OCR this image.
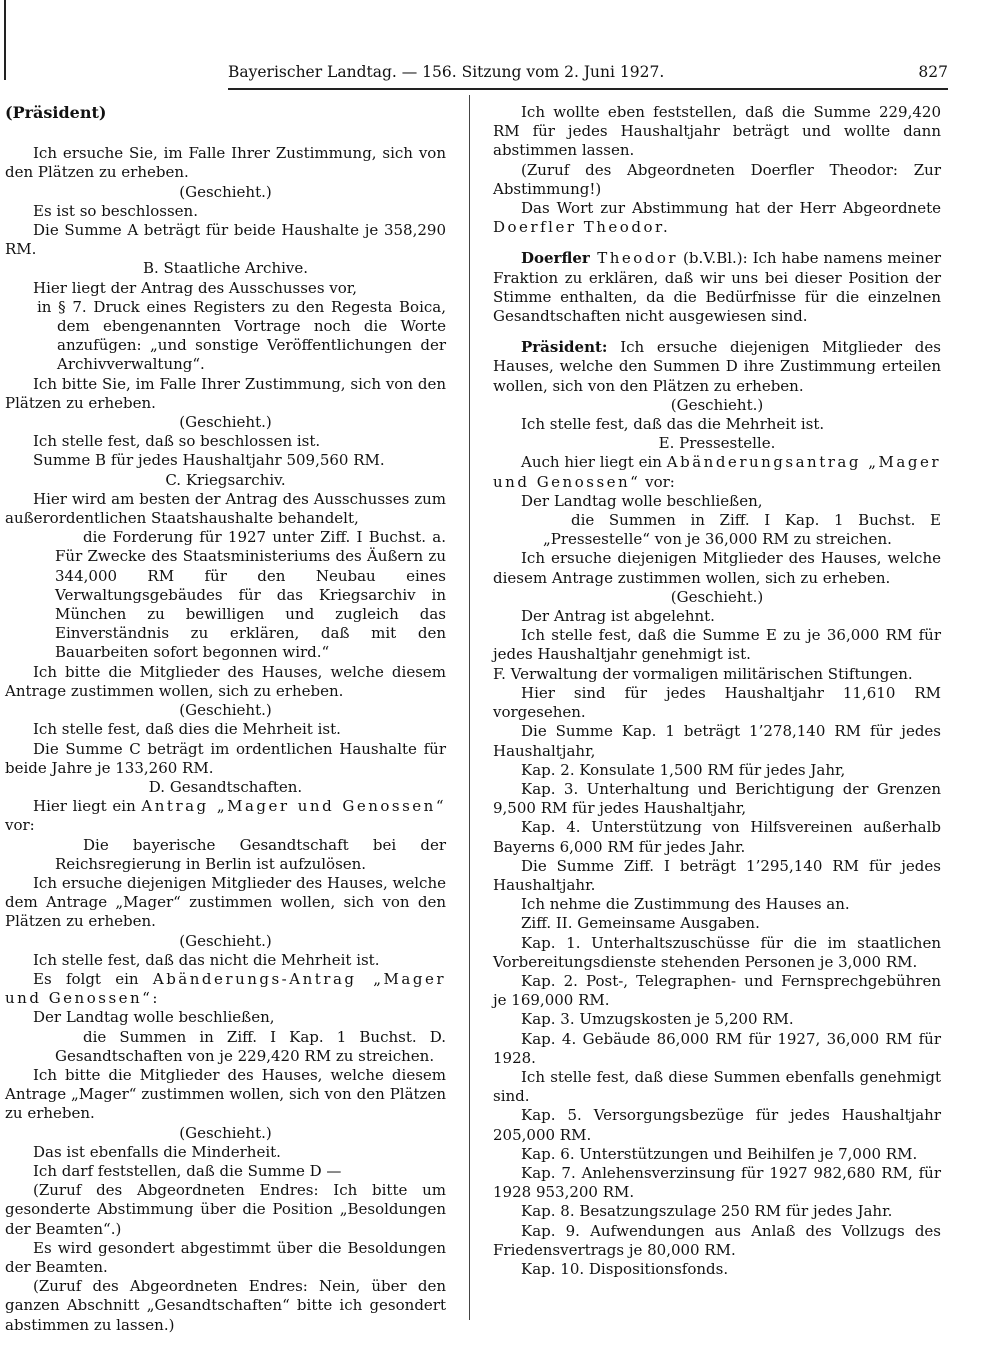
Bayerischer Landtag. — 156. Sitzung vom 2. Juni 1927.	827

(Präsident)

Ich ersuche Sie, im Falle Ihrer Zustimmung, sich von den Plätzen zu erheben.

(Geschieht.)

Es ist so beschlossen.

Die Summe A beträgt für beide Haushalte je 358,290 RM.

B. Staatliche Archive.

Hier liegt der Antrag des Ausschusses vor,

in § 7. Druck eines Registers zu den Regesta Boica, dem ebengenannten Vortrage noch die Worte anzufügen: „und sonstige Veröffentlichungen der Archivverwaltung“.

Ich bitte Sie, im Falle Ihrer Zustimmung, sich von den Plätzen zu erheben.

(Geschieht.)

Ich stelle fest, daß so beschlossen ist.

Summe B für jedes Haushaltjahr 509,560 RM.

C. Kriegsarchiv.

Hier wird am besten der Antrag des Ausschusses zum außerordentlichen Staatshaushalte behandelt,

die Forderung für 1927 unter Ziff. I Buchst. a. Für Zwecke des Staatsministeriums des Äußern zu 344,000 RM für den Neubau eines Verwaltungsgebäudes für das Kriegsarchiv in München zu bewilligen und zugleich das Einverständnis zu erklären, daß mit den Bauarbeiten sofort begonnen wird.“

Ich bitte die Mitglieder des Hauses, welche diesem Antrage zustimmen wollen, sich zu erheben.

(Geschieht.)

Ich stelle fest, daß dies die Mehrheit ist.

Die Summe C beträgt im ordentlichen Haushalte für beide Jahre je 133,260 RM.

D. Gesandtschaften.

Hier liegt ein Antrag „Mager und Genossen“ vor:

Die bayerische Gesandtschaft bei der Reichsregierung in Berlin ist aufzulösen.

Ich ersuche diejenigen Mitglieder des Hauses, welche dem Antrage „Mager“ zustimmen wollen, sich von den Plätzen zu erheben.

(Geschieht.)

Ich stelle fest, daß das nicht die Mehrheit ist.

Es folgt ein Abänderungs-Antrag „Mager und Genossen“:

Der Landtag wolle beschließen,

die Summen in Ziff. I Kap. 1 Buchst. D. Gesandtschaften von je 229,420 RM zu streichen.

Ich bitte die Mitglieder des Hauses, welche diesem Antrage „Mager“ zustimmen wollen, sich von den Plätzen zu erheben.

(Geschieht.)

Das ist ebenfalls die Minderheit.

Ich darf feststellen, daß die Summe D —

(Zuruf des Abgeordneten Endres: Ich bitte um gesonderte Abstimmung über die Position „Besoldungen der Beamten“.)

Es wird gesondert abgestimmt über die Besoldungen der Beamten.

(Zuruf des Abgeordneten Endres: Nein, über den ganzen Abschnitt „Gesandtschaften“ bitte ich gesondert abstimmen zu lassen.)

Ich wollte eben feststellen, daß die Summe 229,420 RM für jedes Haushaltjahr beträgt und wollte dann abstimmen lassen.

(Zuruf des Abgeordneten Doerfler Theodor: Zur Abstimmung!)

Das Wort zur Abstimmung hat der Herr Abgeordnete Doerfler Theodor.

Doerfler Theodor (b.V.Bl.): Ich habe namens meiner Fraktion zu erklären, daß wir uns bei dieser Position der Stimme enthalten, da die Bedürfnisse für die einzelnen Gesandtschaften nicht ausgewiesen sind.

Präsident: Ich ersuche diejenigen Mitglieder des Hauses, welche den Summen D ihre Zustimmung erteilen wollen, sich von den Plätzen zu erheben.

(Geschieht.)

Ich stelle fest, daß das die Mehrheit ist.

E. Pressestelle.

Auch hier liegt ein Abänderungsantrag „Mager und Genossen“ vor:

Der Landtag wolle beschließen,

die Summen in Ziff. I Kap. 1 Buchst. E „Pressestelle“ von je 36,000 RM zu streichen.

Ich ersuche diejenigen Mitglieder des Hauses, welche diesem Antrage zustimmen wollen, sich zu erheben.

(Geschieht.)

Der Antrag ist abgelehnt.

Ich stelle fest, daß die Summe E zu je 36,000 RM für jedes Haushaltjahr genehmigt ist.

F. Verwaltung der vormaligen militärischen Stiftungen.

Hier sind für jedes Haushaltjahr 11,610 RM vorgesehen.

Die Summe Kap. 1 beträgt 1’278,140 RM für jedes Haushaltjahr,

Kap. 2. Konsulate 1,500 RM für jedes Jahr,

Kap. 3. Unterhaltung und Berichtigung der Grenzen 9,500 RM für jedes Haushaltjahr,

Kap. 4. Unterstützung von Hilfsvereinen außerhalb Bayerns 6,000 RM für jedes Jahr.

Die Summe Ziff. I beträgt 1’295,140 RM für jedes Haushaltjahr.

Ich nehme die Zustimmung des Hauses an.

Ziff. II. Gemeinsame Ausgaben.

Kap. 1. Unterhaltszuschüsse für die im staatlichen Vorbereitungsdienste stehenden Personen je 3,000 RM.

Kap. 2. Post-, Telegraphen- und Fernsprechgebühren je 169,000 RM.

Kap. 3. Umzugskosten je 5,200 RM.

Kap. 4. Gebäude 86,000 RM für 1927, 36,000 RM für 1928.

Ich stelle fest, daß diese Summen ebenfalls genehmigt sind.

Kap. 5. Versorgungsbezüge für jedes Haushaltjahr 205,000 RM.

Kap. 6. Unterstützungen und Beihilfen je 7,000 RM.

Kap. 7. Anlehensverzinsung für 1927 982,680 RM, für 1928 953,200 RM.

Kap. 8. Besatzungszulage 250 RM für jedes Jahr.

Kap. 9. Aufwendungen aus Anlaß des Vollzugs des Friedensvertrags je 80,000 RM.

Kap. 10. Dispositionsfonds.
